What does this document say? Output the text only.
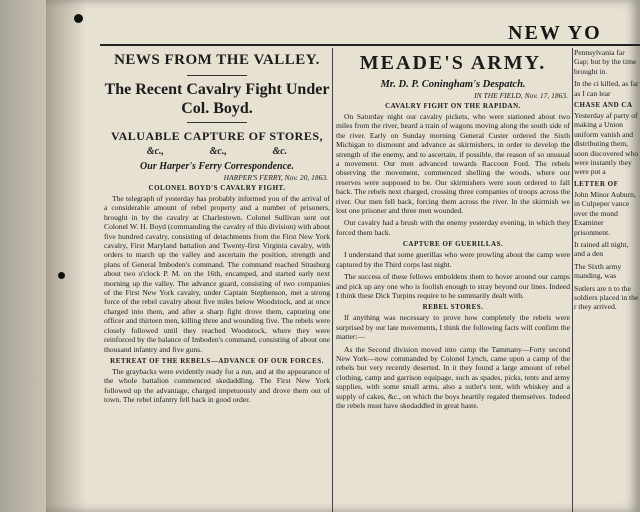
NEW YO
NEWS FROM THE VALLEY.
The Recent Cavalry Fight Under Col. Boyd.
VALUABLE CAPTURE OF STORES,
&c.,	&c.,	&c.
Our Harper's Ferry Correspondence.
HARPER'S FERRY, Nov. 20, 1863.
COLONEL BOYD'S CAVALRY FIGHT.

The telegraph of yesterday has probably informed you of the arrival of a considerable amount of rebel property and a number of prisoners, brought in by the cavalry at Charlestown. Colonel Sullivan sent out Colonel W. H. Boyd (commanding the cavalry of this division) with about five hundred cavalry, consisting of detachments from the First New York cavalry, First Maryland battalion and Twenty-first Virginia cavalry, with orders to march up the valley and ascertain the position, strength and plans of General Imboden's command. The command reached Strasburg about two o'clock P. M. on the 16th, encamped, and started early next morning up the valley. The advance guard, consisting of two companies of the First New York cavalry, under Captain Stephenson, met a strong force of the rebel cavalry about five miles below Woodstock, and at once charged into them, and after a sharp fight drove them, capturing one officer and thirteen men, killing three and wounding five. The rebels were closely followed until they reached Woodstock, where they were reinforced by the balance of Imboden's command, consisting of about one thousand infantry and five guns.

RETREAT OF THE REBELS—ADVANCE OF OUR FORCES.

The graybacks were evidently ready for a run, and at the appearance of the whole battalion commenced skedaddling. The First New York followed up the advantage, charged impetuously and drove them out of town. The rebel infantry fell back in good order.

MEADE'S ARMY.
Mr. D. P. Coningham's Despatch.
IN THE FIELD, Nov. 17, 1863.
CAVALRY FIGHT ON THE RAPIDAN.

On Saturday night our cavalry pickets, who were stationed about two miles from the river, heard a train of wagons moving along the south side of the river. Early on Sunday morning General Custer ordered the Sixth Michigan to dismount and advance as skirmishers, in order to develop the strength of the enemy, and to ascertain, if possible, the reason of so unusual a movement. Our men advanced towards Raccoon Ford. The rebels observing the movement, commenced shelling the woods, where our reserves were supposed to be. Our skirmishers were soon ordered to fall back. The rebels next charged, crossing three companies of troops across the river. Our men fell back, forcing them across the river. In the skirmish we lost one prisoner and three men wounded.

Our cavalry had a brush with the enemy yesterday evening, in which they forced them back.

CAPTURE OF GUERILLAS.

I understand that some guerillas who were prowling about the camp were captured by the Third corps last night.

The success of these fellows emboldens them to hover around our camps and pick up any one who is foolish enough to stray beyond our lines. Indeed I think these Dick Turpins require to be summarily dealt with.

REBEL STORES.

If anything was necessary to prove how completely the rebels were surprised by our late movements, I think the following facts will confirm the matter:—

As the Second division moved into camp the Tammany—Forty second New York—now commanded by Colonel Lynch, came upon a camp of the rebels but very recently deserted. In it they found a large amount of rebel clothing, camp and garrison equipage, such as spades, picks, tents and army supplies, with some small arms, also a sutler's tent, with whiskey and a supply of cakes, &c., on which the boys heartily regaled themselves. Indeed the rebels must have skedaddled in great haste.

Pennsylvania far Gap; but by the time brought in.

In the ci killed, as far as I can lear

CHASE AND CA

Yesterday af party of making a Union uniform vanish and distributing them, soon discovered who were instantly they were put a

LETTER OF

John Minor Auburn, in Culpeper vance over the mond Examiner prisonment.

It rained all night, and a den

The Sixth army manding, was

Sutlers are n to the soldiers placed in the r they arrived.
